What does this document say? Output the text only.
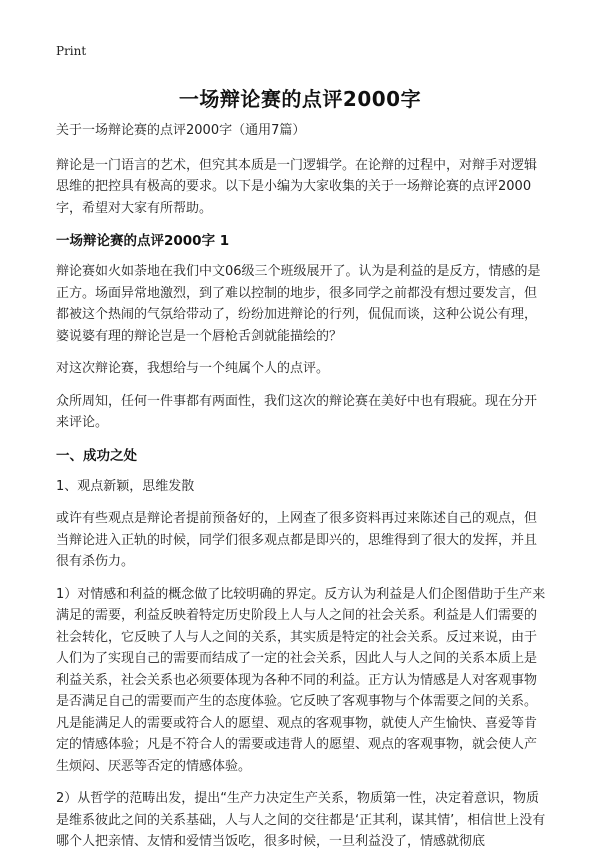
Print
一场辩论赛的点评2000字

关于一场辩论赛的点评2000字（通用7篇）

辩论是一门语言的艺术，但究其本质是一门逻辑学。在论辩的过程中，对辩手对逻辑思维的把控具有极高的要求。以下是小编为大家收集的关于一场辩论赛的点评2000字，希望对大家有所帮助。

一场辩论赛的点评2000字 1

辩论赛如火如荼地在我们中文06级三个班级展开了。认为是利益的是反方，情感的是正方。场面异常地激烈，到了难以控制的地步，很多同学之前都没有想过要发言，但都被这个热闹的气氛给带动了，纷纷加进辩论的行列，侃侃而谈，这种公说公有理，婆说婆有理的辩论岂是一个唇枪舌剑就能描绘的？

对这次辩论赛，我想给与一个纯属个人的点评。

众所周知，任何一件事都有两面性，我们这次的辩论赛在美好中也有瑕疵。现在分开来评论。

一、成功之处

1、观点新颖，思维发散

或许有些观点是辩论者提前预备好的，上网查了很多资料再过来陈述自己的观点，但当辩论进入正轨的时候，同学们很多观点都是即兴的，思维得到了很大的发挥，并且很有杀伤力。

1）对情感和利益的概念做了比较明确的界定。反方认为利益是人们企图借助于生产来满足的需要，利益反映着特定历史阶段上人与人之间的社会关系。利益是人们需要的社会转化，它反映了人与人之间的关系，其实质是特定的社会关系。反过来说，由于人们为了实现自己的需要而结成了一定的社会关系，因此人与人之间的关系本质上是利益关系，社会关系也必须要体现为各种不同的利益。正方认为情感是人对客观事物是否满足自己的需要而产生的态度体验。它反映了客观事物与个体需要之间的关系。凡是能满足人的需要或符合人的愿望、观点的客观事物，就使人产生愉快、喜爱等肯定的情感体验；凡是不符合人的需要或违背人的愿望、观点的客观事物，就会使人产生烦闷、厌恶等否定的情感体验。

2）从哲学的范畴出发，提出“生产力决定生产关系，物质第一性，决定着意识，物质是维系彼此之间的关系基础，人与人之间的交往都是‘正其利，谋其情’，相信世上没有哪个人把亲情、友情和爱情当饭吃，很多时候，一旦利益没了，情感就彻底
